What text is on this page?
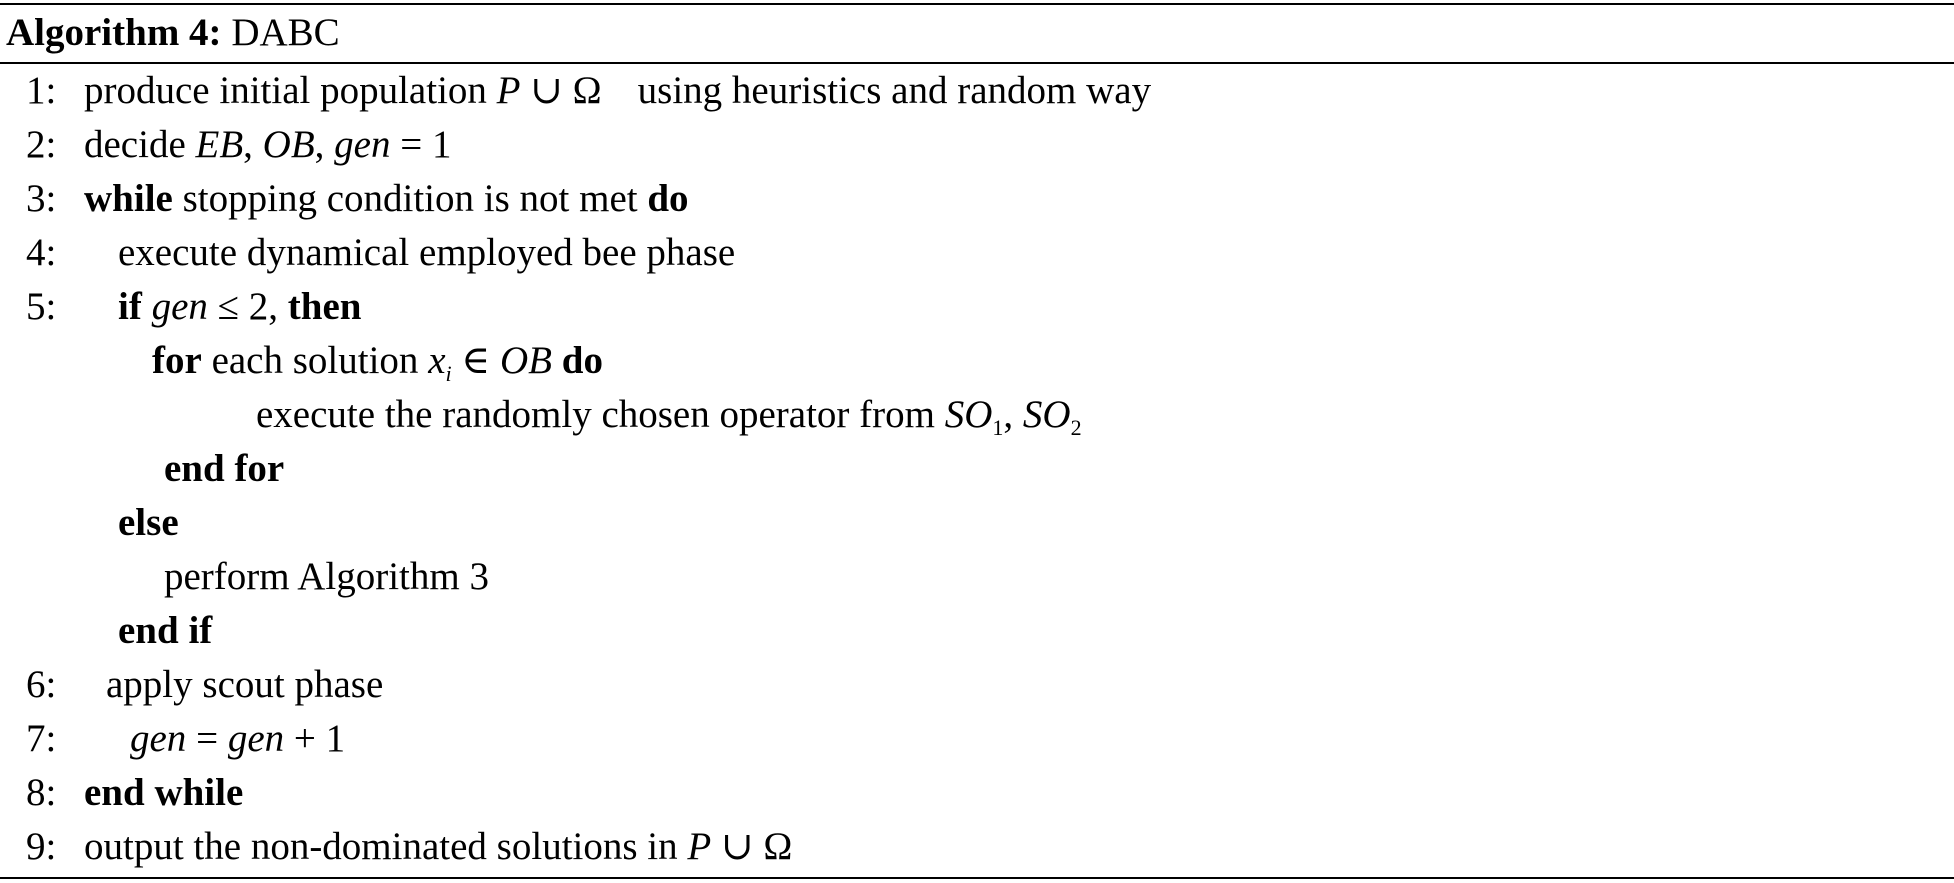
Algorithm 4: DABC
1: produce initial population P ∪ Ω using heuristics and random way
2: decide EB, OB, gen = 1
3: while stopping condition is not met do
4: execute dynamical employed bee phase
5: if gen ≤ 2, then
for each solution $x_i$ ∈ OB do
execute the randomly chosen operator from $SO_1$, $SO_2$
end for
else
perform Algorithm 3
end if
6: apply scout phase
7: gen = gen + 1
8: end while
9: output the non-dominated solutions in P ∪ Ω
